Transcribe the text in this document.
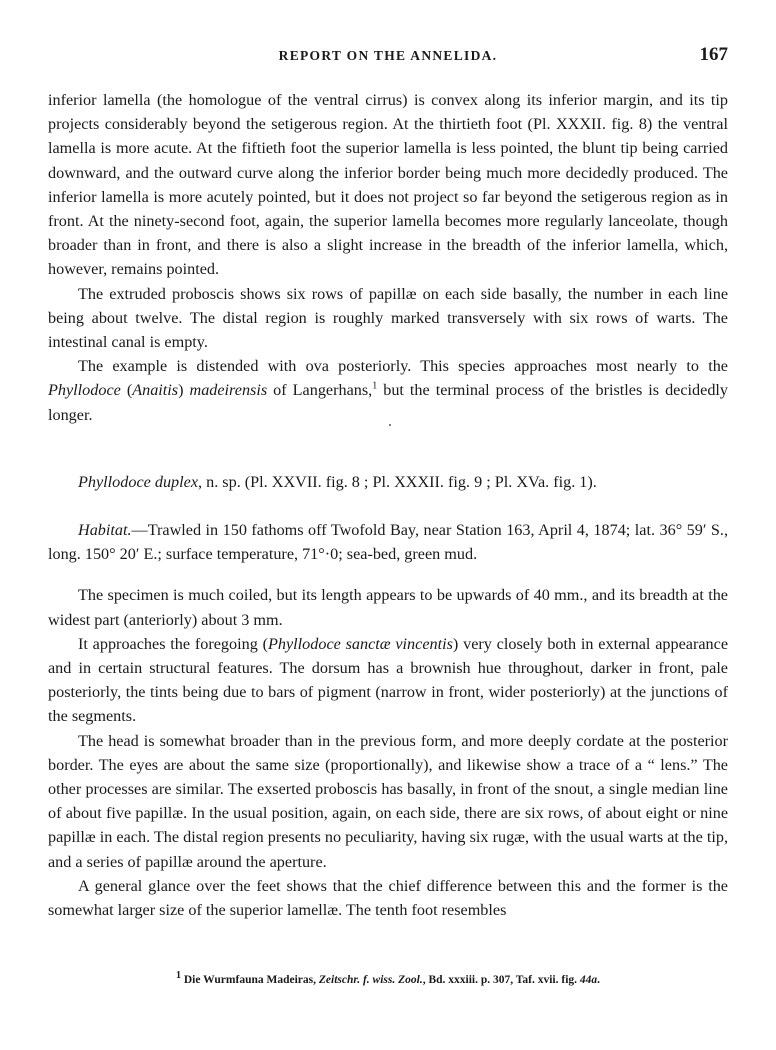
REPORT ON THE ANNELIDA.	167

inferior lamella (the homologue of the ventral cirrus) is convex along its inferior margin, and its tip projects considerably beyond the setigerous region. At the thirtieth foot (Pl. XXXII. fig. 8) the ventral lamella is more acute. At the fiftieth foot the superior lamella is less pointed, the blunt tip being carried downward, and the outward curve along the inferior border being much more decidedly produced. The inferior lamella is more acutely pointed, but it does not project so far beyond the setigerous region as in front. At the ninety-second foot, again, the superior lamella becomes more regularly lanceolate, though broader than in front, and there is also a slight increase in the breadth of the inferior lamella, which, however, remains pointed.

The extruded proboscis shows six rows of papillæ on each side basally, the number in each line being about twelve. The distal region is roughly marked transversely with six rows of warts. The intestinal canal is empty.

The example is distended with ova posteriorly. This species approaches most nearly to the Phyllodoce (Anaitis) madeirensis of Langerhans,$^1$ but the terminal process of the bristles is decidedly longer.

Phyllodoce duplex, n. sp. (Pl. XXVII. fig. 8 ; Pl. XXXII. fig. 9 ; Pl. XVa. fig. 1).

Habitat.—Trawled in 150 fathoms off Twofold Bay, near Station 163, April 4, 1874; lat. 36° 59′ S., long. 150° 20′ E.; surface temperature, 71°·0; sea-bed, green mud.

The specimen is much coiled, but its length appears to be upwards of 40 mm., and its breadth at the widest part (anteriorly) about 3 mm.

It approaches the foregoing (Phyllodoce sanctæ vincentis) very closely both in external appearance and in certain structural features. The dorsum has a brownish hue throughout, darker in front, pale posteriorly, the tints being due to bars of pigment (narrow in front, wider posteriorly) at the junctions of the segments.

The head is somewhat broader than in the previous form, and more deeply cordate at the posterior border. The eyes are about the same size (proportionally), and likewise show a trace of a “ lens.” The other processes are similar. The exserted proboscis has basally, in front of the snout, a single median line of about five papillæ. In the usual position, again, on each side, there are six rows, of about eight or nine papillæ in each. The distal region presents no peculiarity, having six rugæ, with the usual warts at the tip, and a series of papillæ around the aperture.

A general glance over the feet shows that the chief difference between this and the former is the somewhat larger size of the superior lamellæ. The tenth foot resembles

$^1$ Die Wurmfauna Madeiras, Zeitschr. f. wiss. Zool., Bd. xxxiii. p. 307, Taf. xvii. fig. 44a.
